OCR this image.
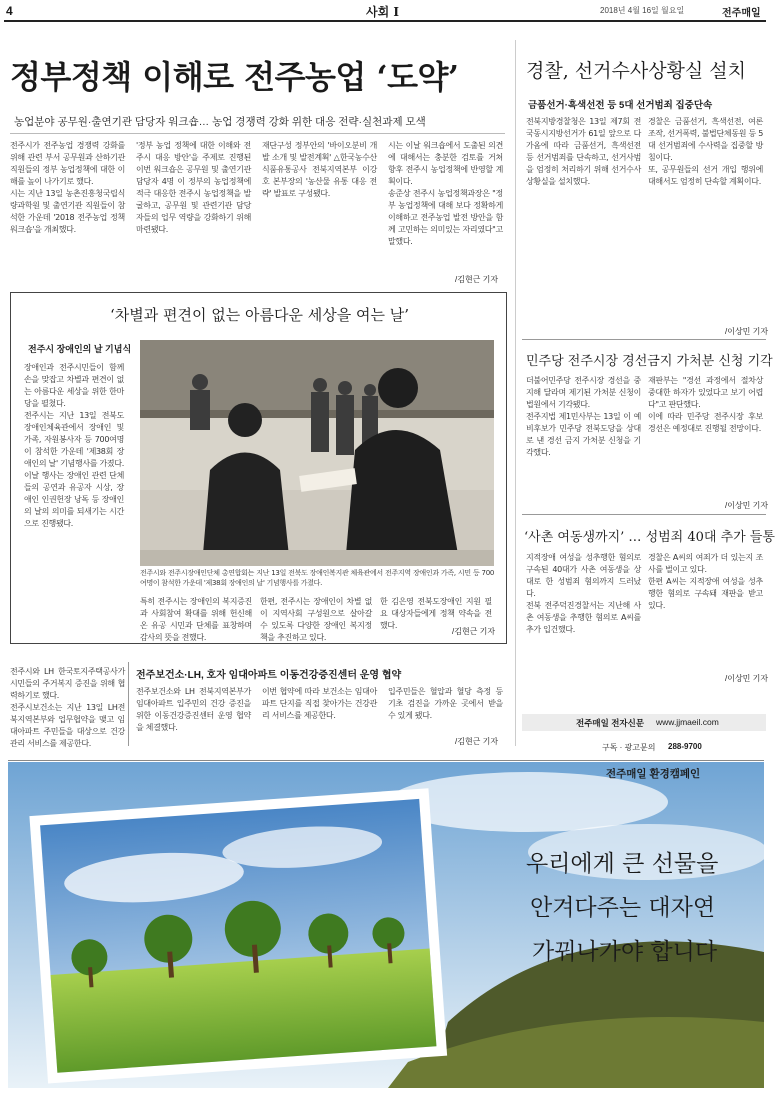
4	사회 I	2018년 4월 16일 월요일	전주매일
정부정책 이해로 전주농업 ‘도약’
농업분야 공무원·출연기관 담당자 워크숍… 농업 경쟁력 강화 위한 대응 전략·실천과제 모색
전주시가 전주농업 경쟁력 강화를 위해 관련 부서 공무원과 산하기관 직원들의 정부 농업정책에 대한 이해를 높이 나가기로 했다.
시는 지난 13일 농촌진흥청국립식량과학원 및 출연기관 직원들이 참석한 가운데 '2018 전주농업 정책 워크숍'을 개최했다.
'정부 농업 정책에 대한 이해와 전주시 대응 방안'을 주제로 진행된 이번 워크숍은 공무원 및 출연기관 담당자 4명 이 정부의 농업정책에 적극 대응한 전주시 농업정책을 발굴하고, 공무원 및 관련기관 담당자들의 업무 역량을 강화하기 위해 마련됐다.
재단구성 정부안의 '바이오분비 개발 소개 및 발전계획' △한국농수산식품유통공사 전북지역본부 이강호 본부장의 '농산물 유통 대응 전략' 발표로 구성됐다.
시는 이날 워크숍에서 도출된 의견에 대해서는 충분한 검토를 거쳐 향후 전주시 농업정책에 반영할 계획이다.
송준상 전주시 농업정책과장은 "정부 농업정책에 대해 보다 정확하게 이해하고 전주농업 발전 방안을 함께 고민하는 의미있는 자리였다"고 말했다.
/김현근 기자
‘차별과 편견이 없는 아름다운 세상을 여는 날’
전주시 장애인의 날 기념식
장애인과 전주시민들이 함께 손을 맞잡고 차별과 편견이 없는 아름다운 세상을 위한 한마당을 펼쳤다.
전주시는 지난 13일 전북도 장애인체육관에서 장애인 및 가족, 자원봉사자 등 700여명이 참석한 가운데 '제38회 장애인의 날' 기념행사를 가졌다.
이날 행사는 장애인 관련 단체들의 공연과 유공자 시상, 장애인 인권헌장 낭독 등 장애인의 날의 의미를 되새기는 시간으로 진행됐다.
전주시와 전주시장애인단체 총연합회는 지난 13일 전북도 장애인복지관 체육관에서 전주지역 장애인과 가족, 시민 등 700여명이 참석한 가운데 '제38회 장애인의 날' 기념행사를 가졌다.
특히 전주시는 장애인의 복지증진과 사회참여 확대를 위해 헌신해 온 유공 시민과 단체를 표창하며 감사의 뜻을 전했다.
한편, 전주시는 장애인이 차별 없이 지역사회 구성원으로 살아갈 수 있도록 다양한 장애인 복지정책을 추진하고 있다.
한 김은영 전북도장애인 지원 필요 대상자들에게 정책 약속을 전했다.
/김현근 기자
전주시와 LH 한국토지주택공사가 시민들의 주거복지 증진을 위해 협력하기로 했다.
전주시보건소는 지난 13일 LH전북지역본부와 업무협약을 맺고 임대아파트 주민들을 대상으로 건강관리 서비스를 제공한다.
전주보건소·LH, 호자 임대아파트 이동건강증진센터 운영 협약
전주보건소와 LH 전북지역본부가 임대아파트 입주민의 건강 증진을 위한 이동건강증진센터 운영 협약을 체결했다.
이번 협약에 따라 보건소는 임대아파트 단지를 직접 찾아가는 건강관리 서비스를 제공한다.
입주민들은 혈압과 혈당 측정 등 기초 검진을 가까운 곳에서 받을 수 있게 됐다.
/김현근 기자
경찰, 선거수사상황실 설치
금품선거·흑색선전 등 5대 선거범죄 집중단속
전북지방경찰청은 13일 제7회 전국동시지방선거가 61일 앞으로 다가옴에 따라 금품선거, 흑색선전 등 선거범죄를 단속하고, 선거사범을 엄정히 처리하기 위해 선거수사상황실을 설치했다.
경찰은 금품선거, 흑색선전, 여론조작, 선거폭력, 불법단체동원 등 5대 선거범죄에 수사력을 집중할 방침이다.
또, 공무원들의 선거 개입 행위에 대해서도 엄정히 단속할 계획이다.
/이상민 기자
민주당 전주시장 경선금지 가처분 신청 기각
더불어민주당 전주시장 경선을 중지해 달라며 제기된 가처분 신청이 법원에서 기각됐다.
전주지법 제1민사부는 13일 이 예비후보가 민주당 전북도당을 상대로 낸 경선 금지 가처분 신청을 기각했다.
재판부는 "경선 과정에서 절차상 중대한 하자가 있었다고 보기 어렵다"고 판단했다.
이에 따라 민주당 전주시장 후보 경선은 예정대로 진행될 전망이다.
/이상민 기자
‘사촌 여동생까지’ … 성범죄 40대 추가 들통
지적장애 여성을 성추행한 혐의로 구속된 40대가 사촌 여동생을 상대로 한 성범죄 혐의까지 드러났다.
전북 전주덕진경찰서는 지난해 사촌 여동생을 추행한 혐의로 A씨를 추가 입건했다.
경찰은 A씨의 여죄가 더 있는지 조사를 벌이고 있다.
한편 A씨는 지적장애 여성을 성추행한 혐의로 구속돼 재판을 받고 있다.
/이상민 기자
전주매일 전자신문 www.jjmaeil.com
구독 · 광고문의 288-9700
전주매일 환경캠페인
우리에게 큰 선물을
안겨다주는 대자연
가꿔나가야 합니다
